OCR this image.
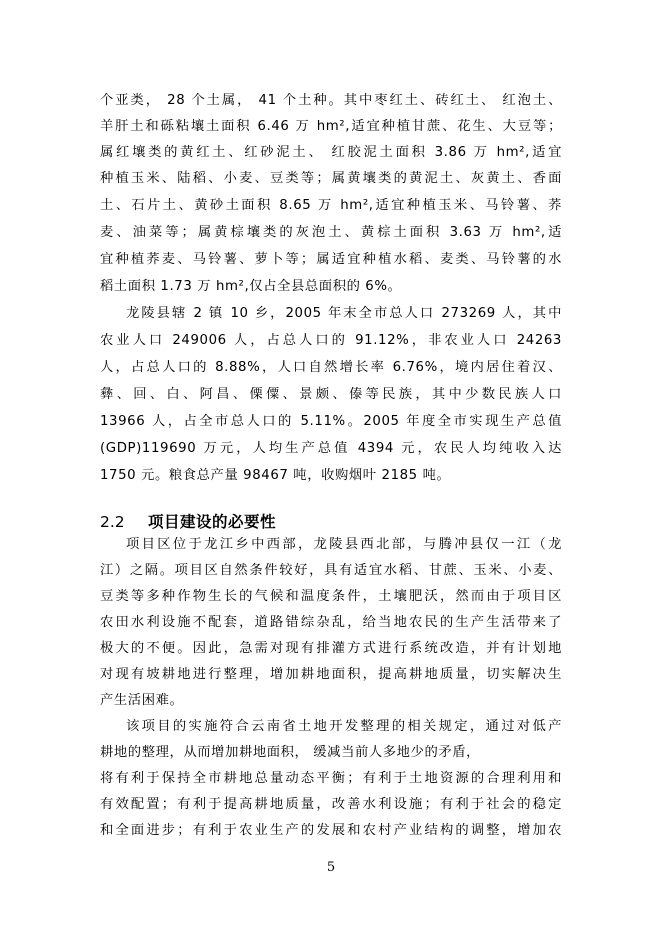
个亚类， 28 个土属， 41 个土种。其中枣红土、砖红土、 红泡土、
羊肝土和砾粘壤土面积 6.46 万 hm²,适宜种植甘蔗、花生、大豆等；
属红壤类的黄红土、红砂泥土、 红胶泥土面积 3.86 万 hm²,适宜
种植玉米、陆稻、小麦、豆类等；属黄壤类的黄泥土、灰黄土、香面
土、石片土、黄砂土面积 8.65 万 hm²,适宜种植玉米、马铃薯、荞
麦、油菜等；属黄棕壤类的灰泡土、黄棕土面积 3.63 万 hm²,适
宜种植荞麦、马铃薯、萝卜等；属适宜种植水稻、麦类、马铃薯的水
稻土面积 1.73 万 hm²,仅占全县总面积的 6%。
龙陵县辖 2 镇 10 乡，2005 年末全市总人口 273269 人，其中
农业人口 249006 人，占总人口的 91.12%，非农业人口 24263
人，占总人口的 8.88%，人口自然增长率 6.76%，境内居住着汉、
彝、回、白、阿昌、傈僳、景颇、傣等民族，其中少数民族人口
13966 人，占全市总人口的 5.11%。2005 年度全市实现生产总值
(GDP)119690 万元，人均生产总值 4394 元，农民人均纯收入达
1750 元。粮食总产量 98467 吨，收购烟叶 2185 吨。
2.2 项目建设的必要性
项目区位于龙江乡中西部，龙陵县西北部，与腾冲县仅一江（龙
江）之隔。项目区自然条件较好，具有适宜水稻、甘蔗、玉米、小麦、
豆类等多种作物生长的气候和温度条件，土壤肥沃，然而由于项目区
农田水利设施不配套，道路错综杂乱，给当地农民的生产生活带来了
极大的不便。因此，急需对现有排灌方式进行系统改造，并有计划地
对现有坡耕地进行整理，增加耕地面积，提高耕地质量，切实解决生
产生活困难。
该项目的实施符合云南省土地开发整理的相关规定，通过对低产
耕地的整理，从而增加耕地面积， 缓减当前人多地少的矛盾，
将有利于保持全市耕地总量动态平衡；有利于土地资源的合理利用和
有效配置；有利于提高耕地质量，改善水利设施；有利于社会的稳定
和全面进步；有利于农业生产的发展和农村产业结构的调整，增加农
5
